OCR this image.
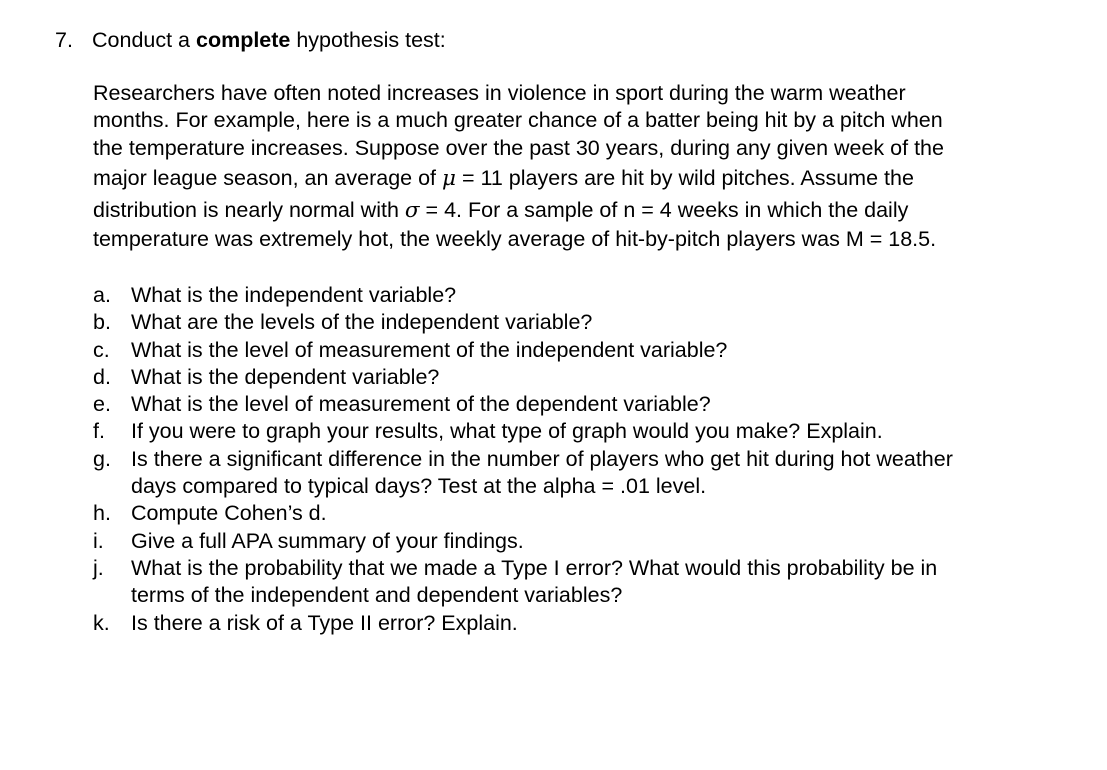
7. Conduct a complete hypothesis test:
Researchers have often noted increases in violence in sport during the warm weather
months. For example, here is a much greater chance of a batter being hit by a pitch when
the temperature increases. Suppose over the past 30 years, during any given week of the
major league season, an average of μ = 11 players are hit by wild pitches. Assume the
distribution is nearly normal with σ = 4. For a sample of n = 4 weeks in which the daily
temperature was extremely hot, the weekly average of hit-by-pitch players was M = 18.5.
a. What is the independent variable?
b. What are the levels of the independent variable?
c. What is the level of measurement of the independent variable?
d. What is the dependent variable?
e. What is the level of measurement of the dependent variable?
f.	If you were to graph your results, what type of graph would you make? Explain.
g. Is there a significant difference in the number of players who get hit during hot weather
days compared to typical days? Test at the alpha = .01 level.
h. Compute Cohen’s d.
i.	Give a full APA summary of your findings.
j.	What is the probability that we made a Type I error? What would this probability be in
terms of the independent and dependent variables?
k. Is there a risk of a Type II error? Explain.
